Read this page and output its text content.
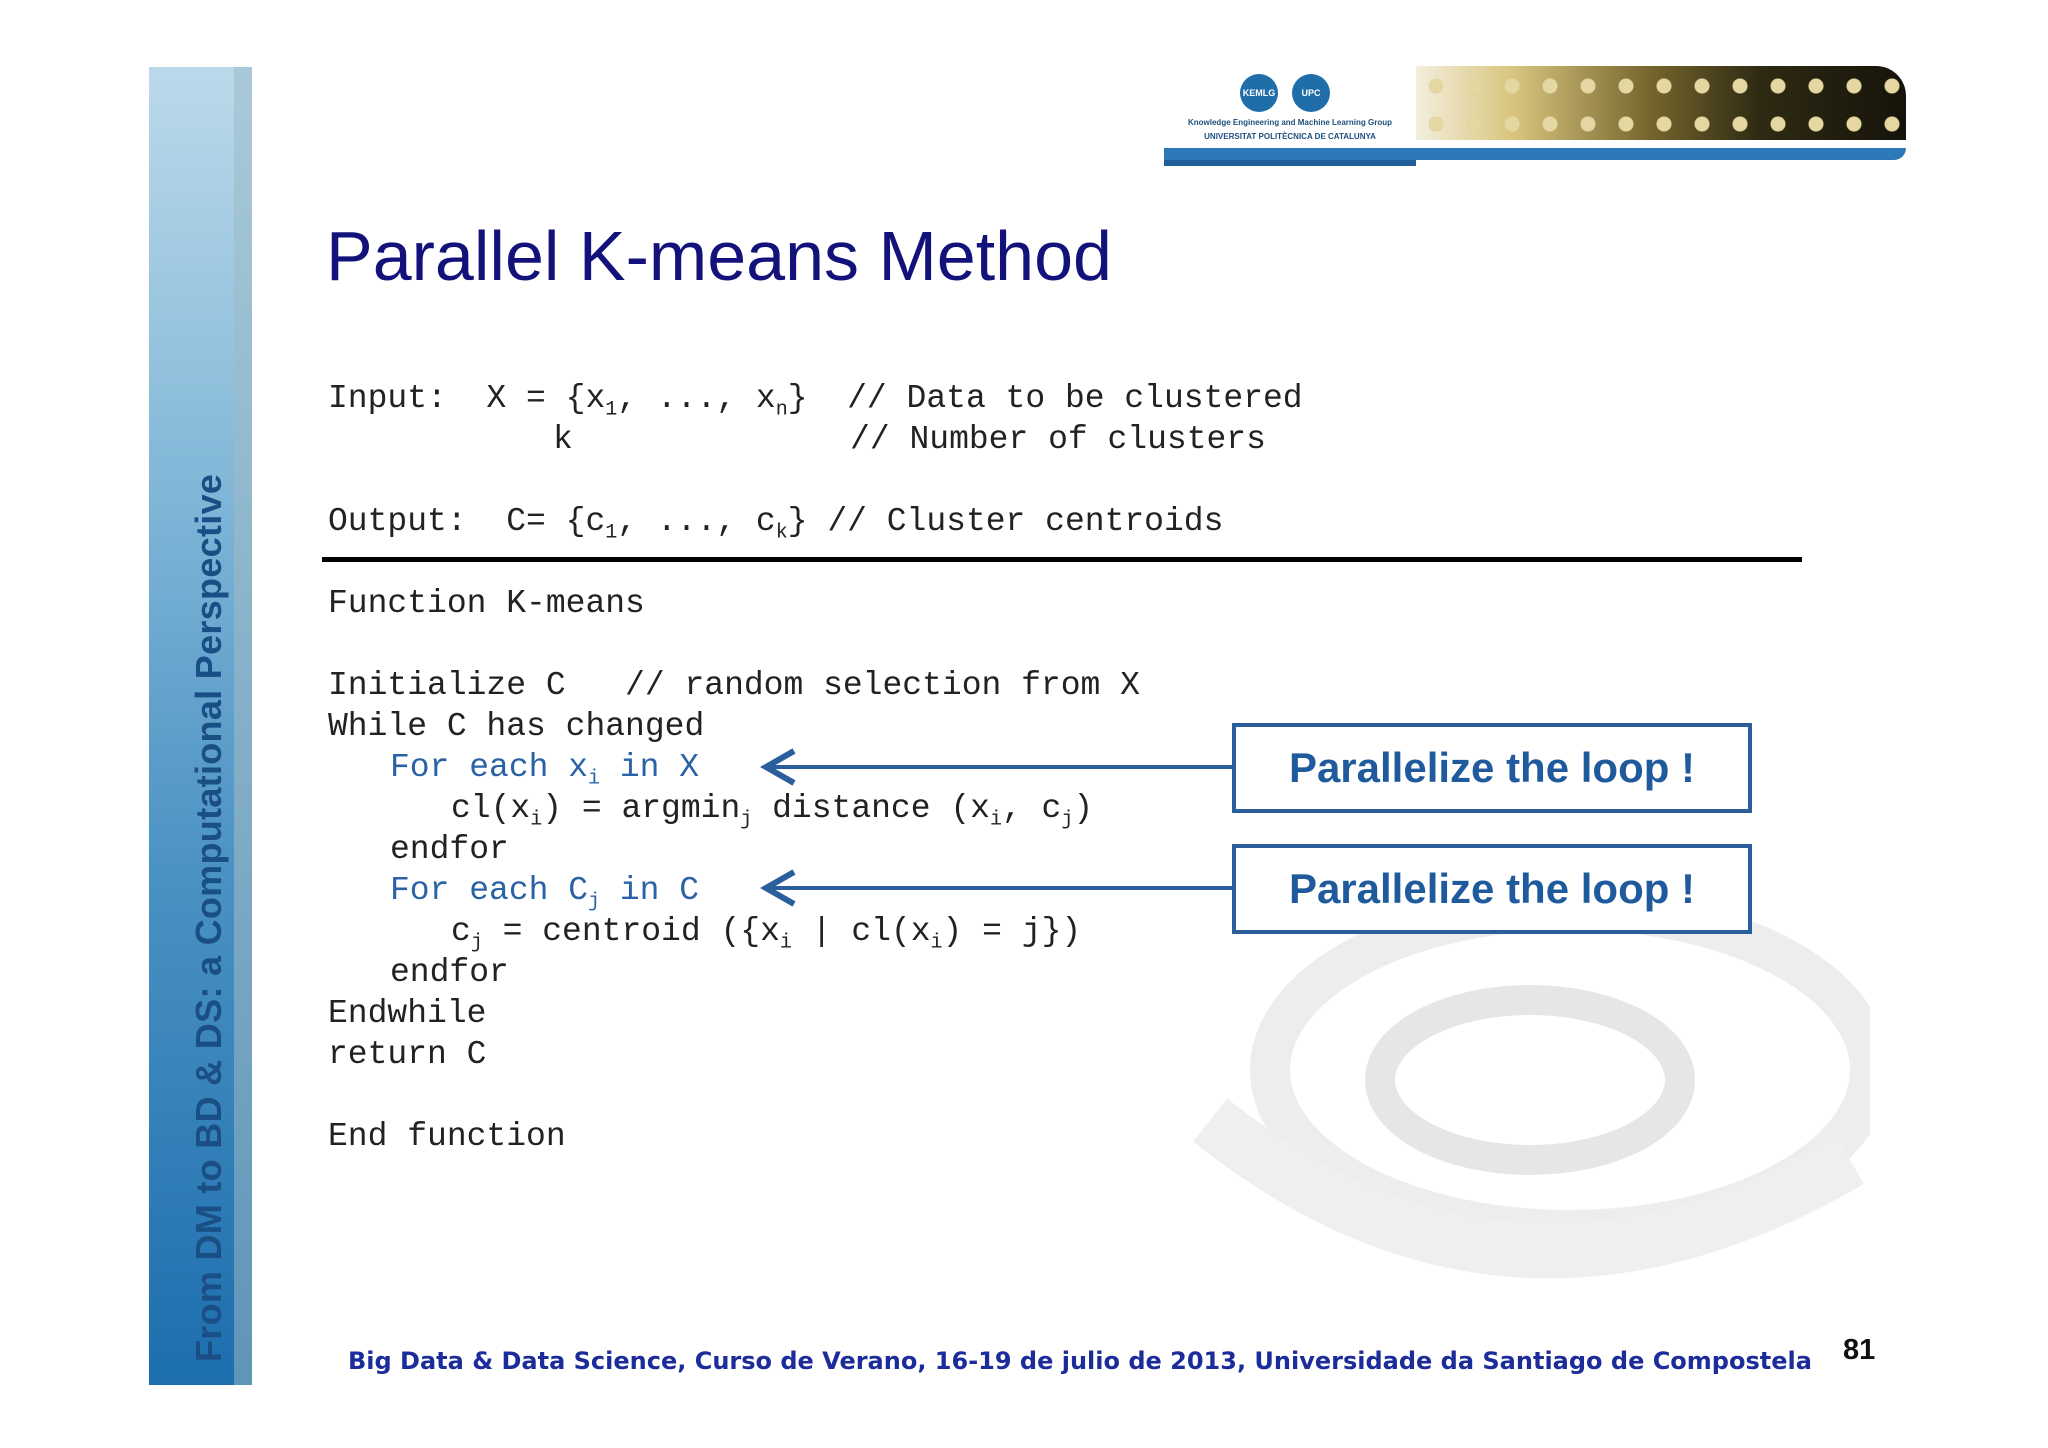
From DM to BD & DS: a Computational Perspective
KEMLG	UPC
Knowledge Engineering and Machine Learning Group
UNIVERSITAT POLITÈCNICA DE CATALUNYA
Parallel K-means Method
Input:  $X = \{x_1$, ..., $x_n$}  // Data to be clustered
k              // Number of clusters
Output:  $C= \{c_1$, ..., $c_k$} // Cluster centroids
Function K-means
Initialize C   // random selection from X
While C has changed
For each $x_i$ in X
$cl(x_i) = argmin_j$ distance ($x_i$, $c_j$)
endfor
For each $C_j$ in C
$c_j$ = centroid ({$x_i$ | $cl(x_i) = j$})
endfor
Endwhile
return C
End function
Parallelize the loop !
Parallelize the loop !
Big Data & Data Science, Curso de Verano, 16-19 de julio de 2013, Universidade da Santiago de Compostela 81
